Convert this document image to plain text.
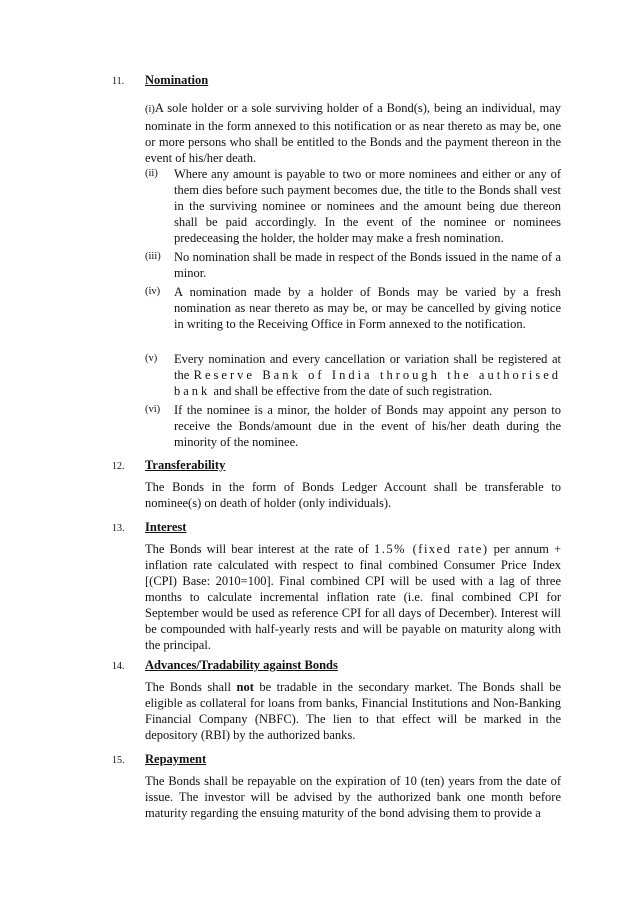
11. Nomination
(i)A sole holder or a sole surviving holder of a Bond(s), being an individual, may nominate in the form annexed to this notification or as near thereto as may be, one or more persons who shall be entitled to the Bonds and the payment thereon in the event of his/her death.
(ii) Where any amount is payable to two or more nominees and either or any of them dies before such payment becomes due, the title to the Bonds shall vest in the surviving nominee or nominees and the amount being due thereon shall be paid accordingly. In the event of the nominee or nominees predeceasing the holder, the holder may make a fresh nomination.
(iii) No nomination shall be made in respect of the Bonds issued in the name of a minor.
(iv) A nomination made by a holder of Bonds may be varied by a fresh nomination as near thereto as may be, or may be cancelled by giving notice in writing to the Receiving Office in Form annexed to the notification.
(v) Every nomination and every cancellation or variation shall be registered at the Reserve Bank of India through the authorised bank and shall be effective from the date of such registration.
(vi) If the nominee is a minor, the holder of Bonds may appoint any person to receive the Bonds/amount due in the event of his/her death during the minority of the nominee.
12. Transferability
The Bonds in the form of Bonds Ledger Account shall be transferable to nominee(s) on death of holder (only individuals).
13. Interest
The Bonds will bear interest at the rate of 1.5% (fixed rate) per annum + inflation rate calculated with respect to final combined Consumer Price Index [(CPI) Base: 2010=100]. Final combined CPI will be used with a lag of three months to calculate incremental inflation rate (i.e. final combined CPI for September would be used as reference CPI for all days of December). Interest will be compounded with half-yearly rests and will be payable on maturity along with the principal.
14. Advances/Tradability against Bonds
The Bonds shall not be tradable in the secondary market. The Bonds shall be eligible as collateral for loans from banks, Financial Institutions and Non-Banking Financial Company (NBFC). The lien to that effect will be marked in the depository (RBI) by the authorized banks.
15. Repayment
The Bonds shall be repayable on the expiration of 10 (ten) years from the date of issue. The investor will be advised by the authorized bank one month before maturity regarding the ensuing maturity of the bond advising them to provide a
